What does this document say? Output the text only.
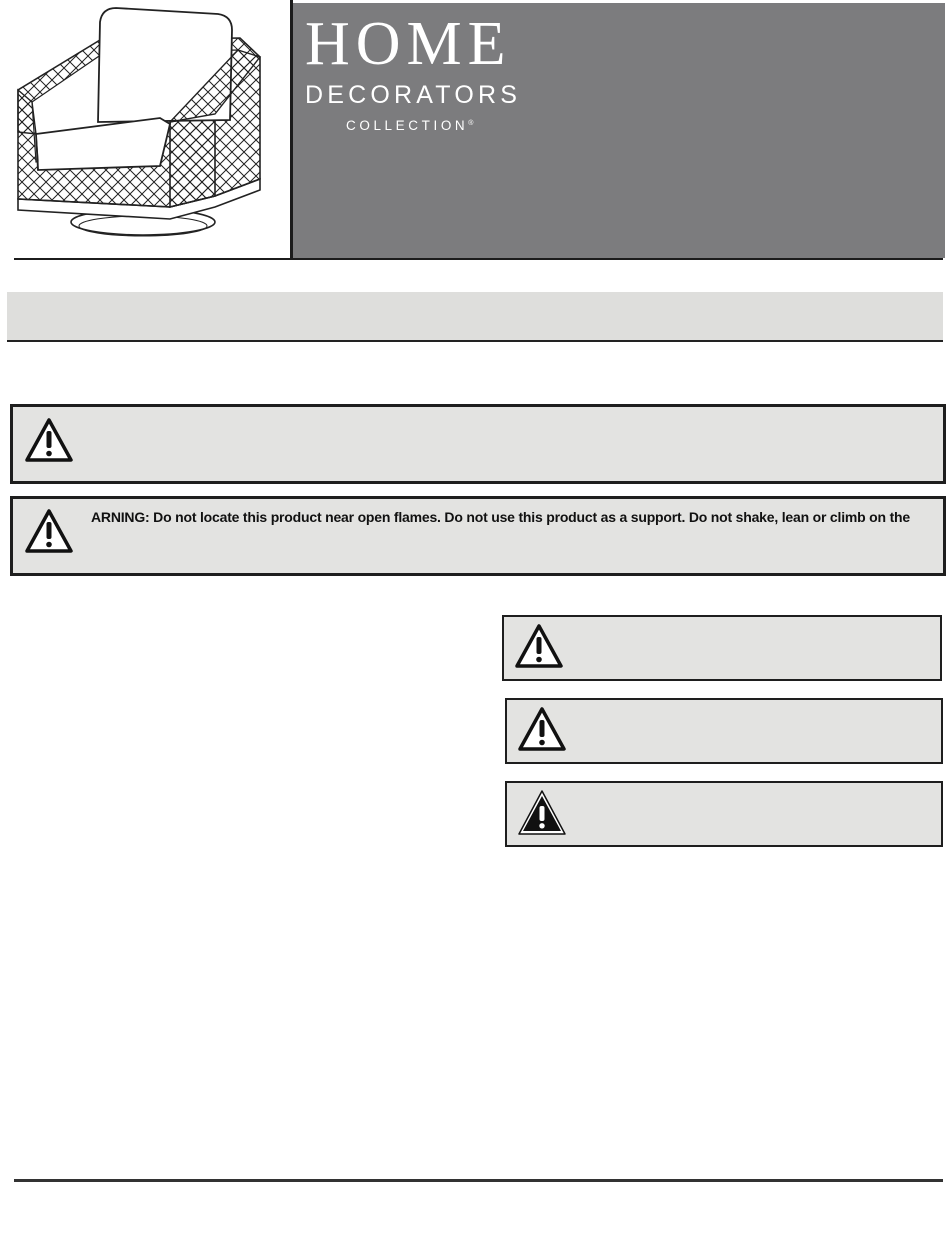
HOME
DECORATORS
COLLECTION®

ARNING: Do not locate this product near open flames. Do not use this product as a support. Do not shake, lean or climb on the
